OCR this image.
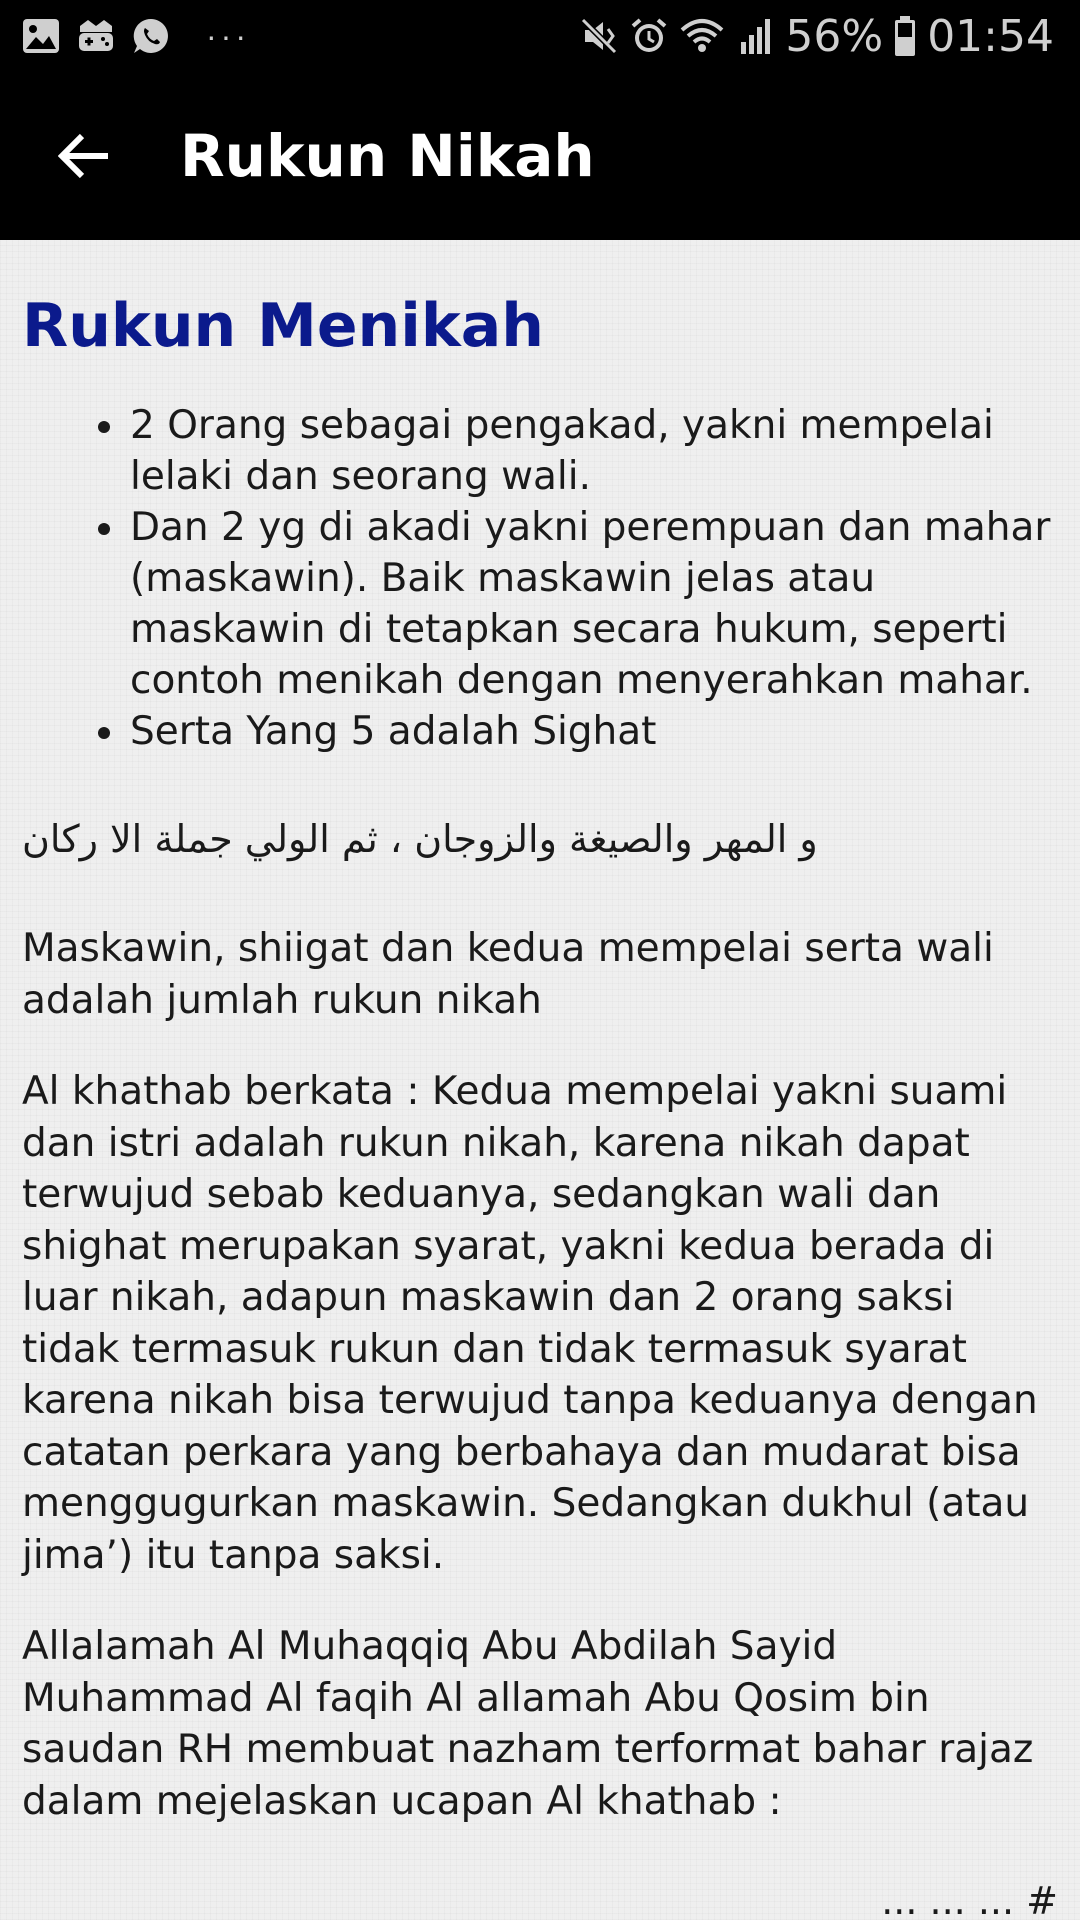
···	56% 01:54
Rukun Nikah
Rukun Menikah
2 Orang sebagai pengakad, yakni mempelai lelaki dan seorang wali.
Dan 2 yg di akadi yakni perempuan dan mahar (maskawin). Baik maskawin jelas atau maskawin di tetapkan secara hukum, seperti contoh menikah dengan menyerahkan mahar.
Serta Yang 5 adalah Sighat

و المهر والصيغة والزوجان ، ثم الولي جملة الا ركان

Maskawin, shiigat dan kedua mempelai serta wali adalah jumlah rukun nikah

Al khathab berkata : Kedua mempelai yakni suami dan istri adalah rukun nikah, karena nikah dapat terwujud sebab keduanya, sedangkan wali dan shighat merupakan syarat, yakni kedua berada di luar nikah, adapun maskawin dan 2 orang saksi tidak termasuk rukun dan tidak termasuk syarat karena nikah bisa terwujud tanpa keduanya dengan catatan perkara yang berbahaya dan mudarat bisa menggugurkan maskawin. Sedangkan dukhul (atau jima’) itu tanpa saksi.

Allalamah Al Muhaqqiq Abu Abdilah Sayid Muhammad Al faqih Al allamah Abu Qosim bin saudan RH membuat nazham terformat bahar rajaz dalam mejelaskan ucapan Al khathab :

# ... ... ...
